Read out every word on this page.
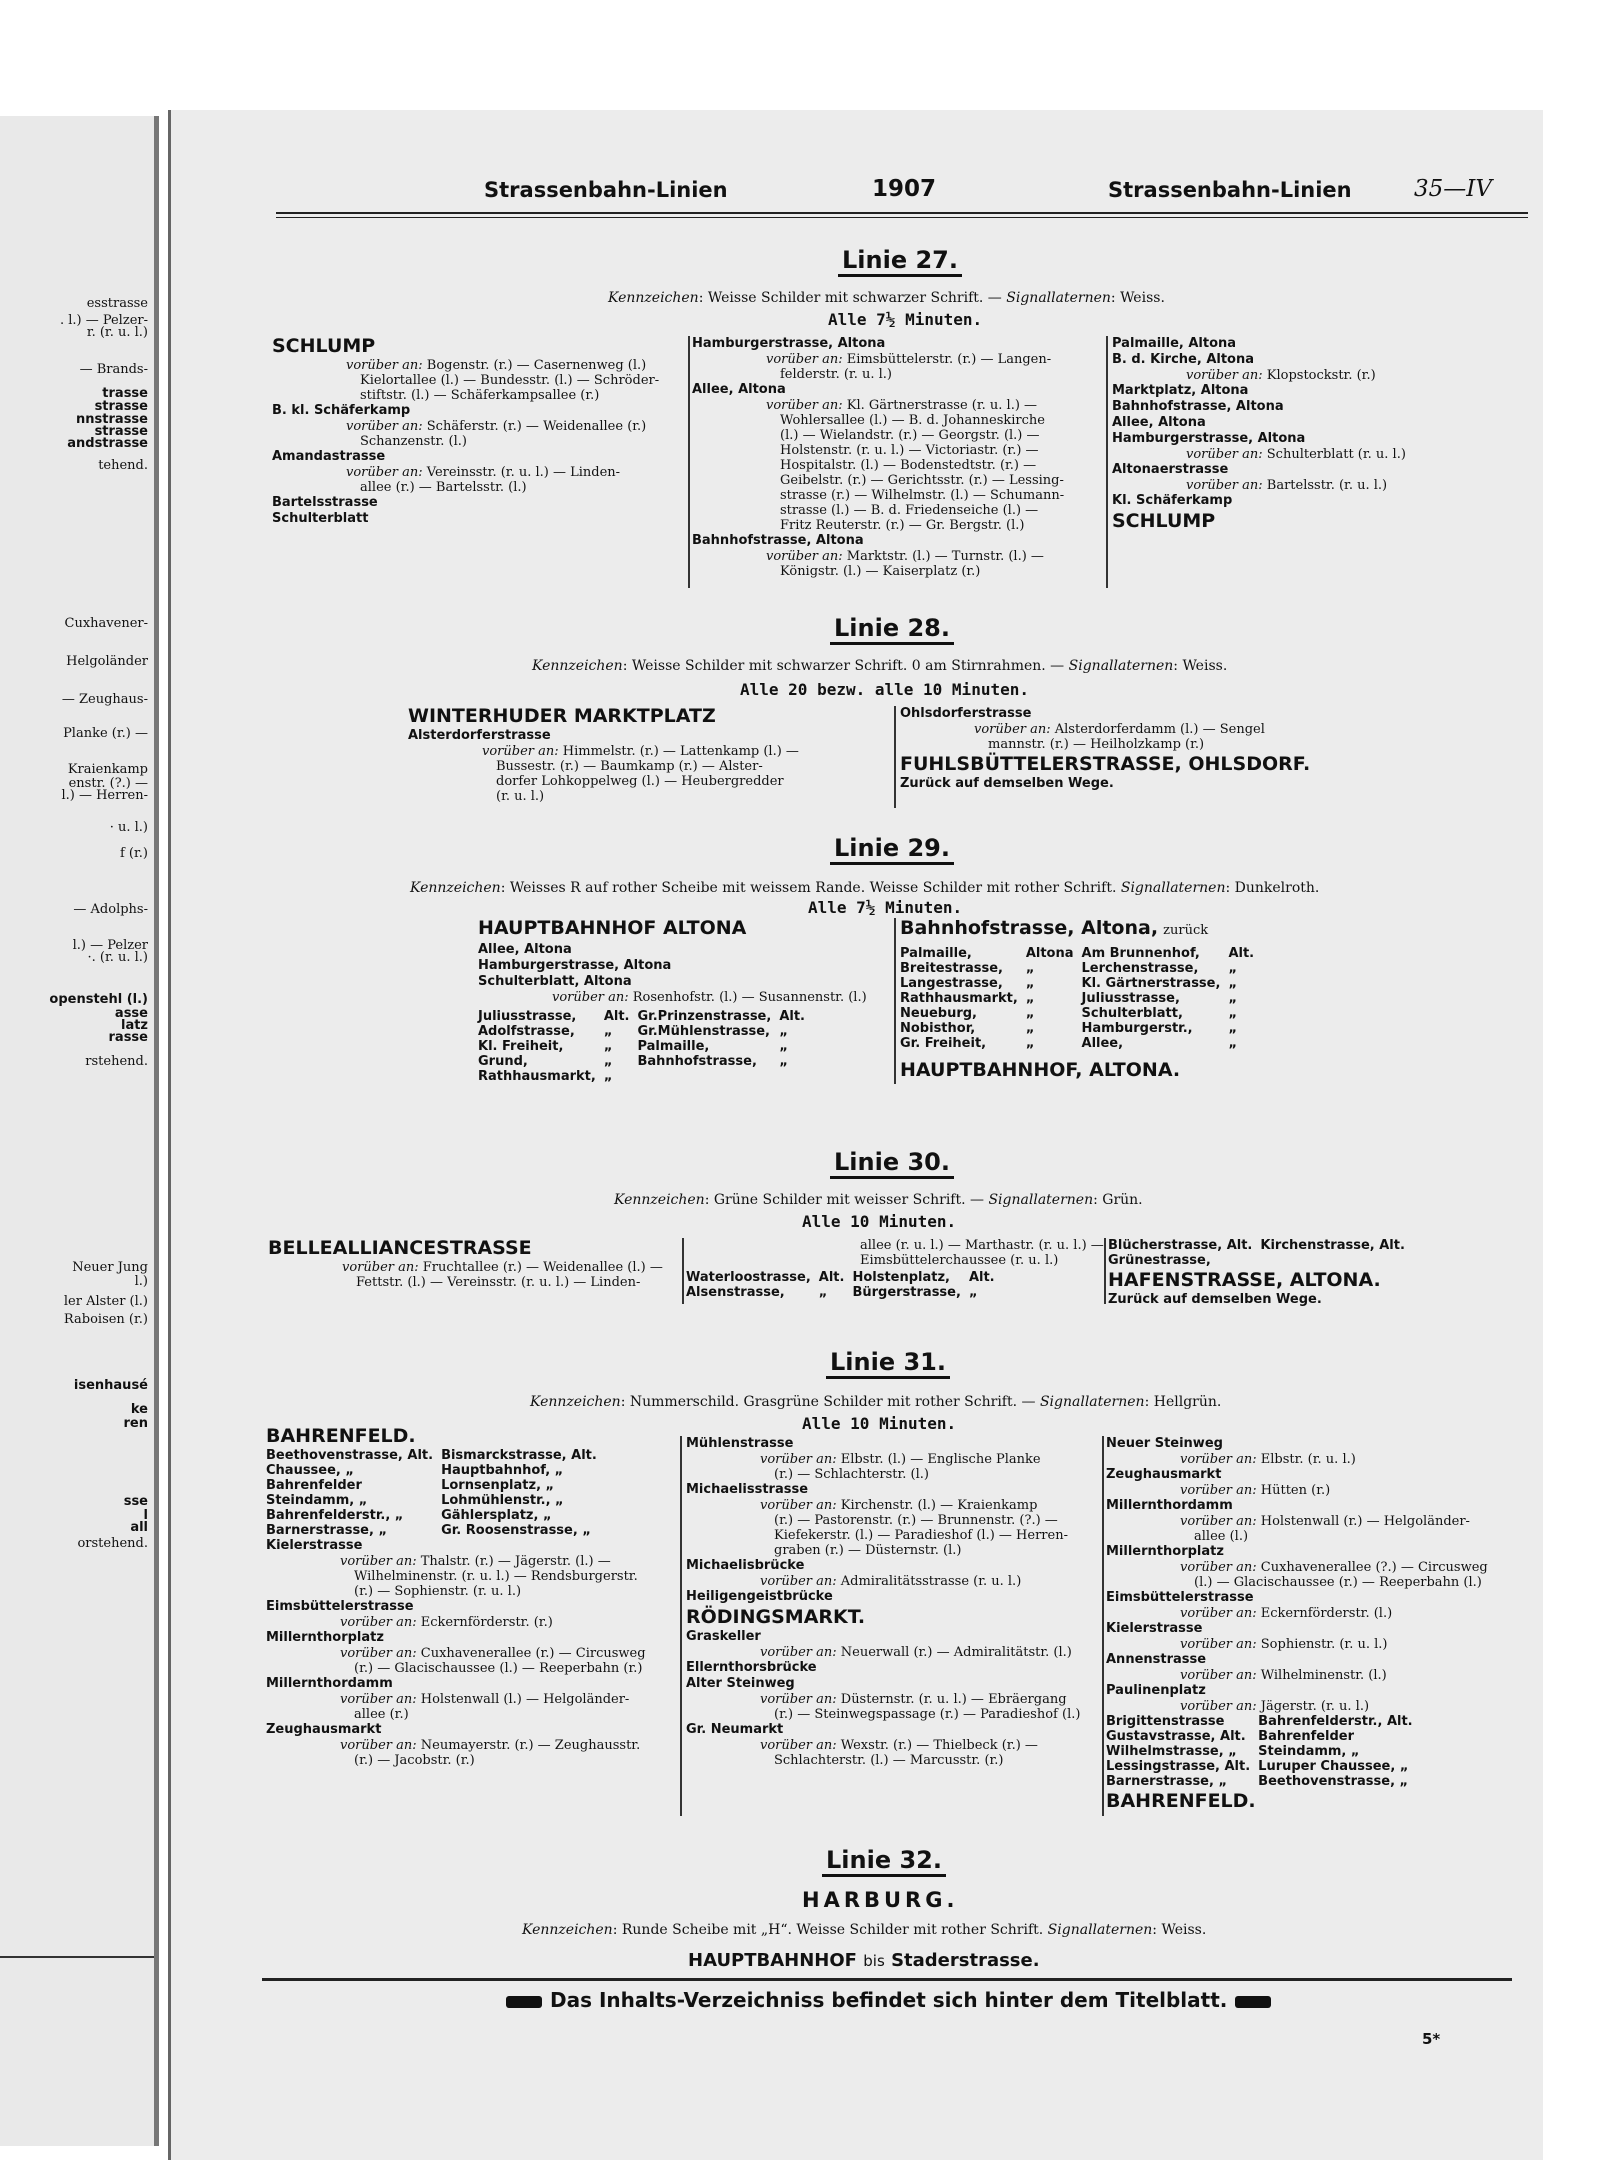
esstrasse
. l.) — Pelzer-
r. (r. u. l.)
— Brands-
trasse
strasse
nnstrasse
strasse
andstrasse
tehend.
Cuxhavener-
Helgoländer
— Zeughaus-
Planke (r.) —
Kraienkamp
enstr. (?.) —
l.) — Herren-
· u. l.)
f (r.)
— Adolphs-
l.) — Pelzer
·. (r. u. l.)
openstehl (l.)
asse
latz
rasse
rstehend.
Neuer Jung
l.)
ler Alster (l.)
Raboisen (r.)
isenhausé
ke
ren
sse
l
all
orstehend.
Strassenbahn-Linien	1907	Strassenbahn-Linien	35—IV
Linie 27.
Kennzeichen: Weisse Schilder mit schwarzer Schrift. — Signallaternen: Weiss.
Alle 7½ Minuten.
SCHLUMP
vorüber an: Bogenstr. (r.) — Casernenweg (l.)
Kielortallee (l.) — Bundesstr. (l.) — Schröder-
stiftstr. (l.) — Schäferkampsallee (r.)
B. kl. Schäferkamp
vorüber an: Schäferstr. (r.) — Weidenallee (r.)
Schanzenstr. (l.)
Amandastrasse
vorüber an: Vereinsstr. (r. u. l.) — Linden-
allee (r.) — Bartelsstr. (l.)
Bartelsstrasse
Schulterblatt
Hamburgerstrasse, Altona
vorüber an: Eimsbüttelerstr. (r.) — Langen-
felderstr. (r. u. l.)
Allee, Altona
vorüber an: Kl. Gärtnerstrasse (r. u. l.) —
Wohlersallee (l.) — B. d. Johanneskirche
(l.) — Wielandstr. (r.) — Georgstr. (l.) —
Holstenstr. (r. u. l.) — Victoriastr. (r.) —
Hospitalstr. (l.) — Bodenstedtstr. (r.) —
Geibelstr. (r.) — Gerichtsstr. (r.) — Lessing-
strasse (r.) — Wilhelmstr. (l.) — Schumann-
strasse (l.) — B. d. Friedenseiche (l.) —
Fritz Reuterstr. (r.) — Gr. Bergstr. (l.)
Bahnhofstrasse, Altona
vorüber an: Marktstr. (l.) — Turnstr. (l.) —
Königstr. (l.) — Kaiserplatz (r.)
Palmaille, Altona
B. d. Kirche, Altona
vorüber an: Klopstockstr. (r.)
Marktplatz, Altona
Bahnhofstrasse, Altona
Allee, Altona
Hamburgerstrasse, Altona
vorüber an: Schulterblatt (r. u. l.)
Altonaerstrasse
vorüber an: Bartelsstr. (r. u. l.)
Kl. Schäferkamp
SCHLUMP
Linie 28.
Kennzeichen: Weisse Schilder mit schwarzer Schrift. 0 am Stirnrahmen. — Signallaternen: Weiss.
Alle 20 bezw. alle 10 Minuten.
WINTERHUDER MARKTPLATZ
Alsterdorferstrasse
vorüber an: Himmelstr. (r.) — Lattenkamp (l.) —
Bussestr. (r.) — Baumkamp (r.) — Alster-
dorfer Lohkoppelweg (l.) — Heubergredder
(r. u. l.)
Ohlsdorferstrasse
vorüber an: Alsterdorferdamm (l.) — Sengel
mannstr. (r.) — Heilholzkamp (r.)
FUHLSBÜTTELERSTRASSE, OHLSDORF.
Zurück auf demselben Wege.
Linie 29.
Kennzeichen: Weisses R auf rother Scheibe mit weissem Rande. Weisse Schilder mit rother Schrift. Signallaternen: Dunkelroth.
Alle 7½ Minuten.
HAUPTBAHNHOF ALTONA
Allee, Altona
Hamburgerstrasse, Altona
Schulterblatt, Altona
vorüber an: Rosenhofstr. (l.) — Susannenstr. (l.)
Juliusstrasse,	Alt.	Gr.Prinzenstrasse,	Alt.
Adolfstrasse,	„	Gr.Mühlenstrasse,	„
Kl. Freiheit,	„	Palmaille,	„
Grund,	„	Bahnhofstrasse,	„
Rathhausmarkt,	„		
Bahnhofstrasse, Altona, zurück
Palmaille,	Altona	Am Brunnenhof,	Alt.
Breitestrasse,	„	Lerchenstrasse,	„
Langestrasse,	„	Kl. Gärtnerstrasse,	„
Rathhausmarkt,	„	Juliusstrasse,	„
Neueburg,	„	Schulterblatt,	„
Nobisthor,	„	Hamburgerstr.,	„
Gr. Freiheit,	„	Allee,	„
HAUPTBAHNHOF, ALTONA.
Linie 30.
Kennzeichen: Grüne Schilder mit weisser Schrift. — Signallaternen: Grün.
Alle 10 Minuten.
BELLEALLIANCESTRASSE
vorüber an: Fruchtallee (r.) — Weidenallee (l.) —
Fettstr. (l.) — Vereinsstr. (r. u. l.) — Linden-
allee (r. u. l.) — Marthastr. (r. u. l.) —
Eimsbüttelerchaussee (r. u. l.)
Waterloostrasse,	Alt.	Holstenplatz,	Alt.
Alsenstrasse,	„	Bürgerstrasse,	„
Blücherstrasse, Alt.	Kirchenstrasse, Alt.
Grünestrasse,	
HAFENSTRASSE, ALTONA.
Zurück auf demselben Wege.
Linie 31.
Kennzeichen: Nummerschild. Grasgrüne Schilder mit rother Schrift. — Signallaternen: Hellgrün.
Alle 10 Minuten.
BAHRENFELD.
Beethovenstrasse, Alt.	Bismarckstrasse, Alt.
Chaussee, „	Hauptbahnhof, „
Bahrenfelder	Lornsenplatz, „
Steindamm, „	Lohmühlenstr., „
Bahrenfelderstr., „	Gählersplatz, „
Barnerstrasse, „	Gr. Roosenstrasse, „
Kielerstrasse
vorüber an: Thalstr. (r.) — Jägerstr. (l.) —
Wilhelminenstr. (r. u. l.) — Rendsburgerstr.
(r.) — Sophienstr. (r. u. l.)
Eimsbüttelerstrasse
vorüber an: Eckernförderstr. (r.)
Millernthorplatz
vorüber an: Cuxhavenerallee (r.) — Circusweg
(r.) — Glacischaussee (l.) — Reeperbahn (r.)
Millernthordamm
vorüber an: Holstenwall (l.) — Helgoländer-
allee (r.)
Zeughausmarkt
vorüber an: Neumayerstr. (r.) — Zeughausstr.
(r.) — Jacobstr. (r.)
Mühlenstrasse
vorüber an: Elbstr. (l.) — Englische Planke
(r.) — Schlachterstr. (l.)
Michaelisstrasse
vorüber an: Kirchenstr. (l.) — Kraienkamp
(r.) — Pastorenstr. (r.) — Brunnenstr. (?.) —
Kiefekerstr. (l.) — Paradieshof (l.) — Herren-
graben (r.) — Düsternstr. (l.)
Michaelisbrücke
vorüber an: Admiralitätsstrasse (r. u. l.)
Heiligengeistbrücke
RÖDINGSMARKT.
Graskeller
vorüber an: Neuerwall (r.) — Admiralitätstr. (l.)
Ellernthorsbrücke
Alter Steinweg
vorüber an: Düsternstr. (r. u. l.) — Ebräergang
(r.) — Steinwegspassage (r.) — Paradieshof (l.)
Gr. Neumarkt
vorüber an: Wexstr. (r.) — Thielbeck (r.) —
Schlachterstr. (l.) — Marcusstr. (r.)
Neuer Steinweg
vorüber an: Elbstr. (r. u. l.)
Zeughausmarkt
vorüber an: Hütten (r.)
Millernthordamm
vorüber an: Holstenwall (r.) — Helgoländer-
allee (l.)
Millernthorplatz
vorüber an: Cuxhavenerallee (?.) — Circusweg
(l.) — Glacischaussee (r.) — Reeperbahn (l.)
Eimsbüttelerstrasse
vorüber an: Eckernförderstr. (l.)
Kielerstrasse
vorüber an: Sophienstr. (r. u. l.)
Annenstrasse
vorüber an: Wilhelminenstr. (l.)
Paulinenplatz
vorüber an: Jägerstr. (r. u. l.)
Brigittenstrasse	Bahrenfelderstr., Alt.
Gustavstrasse, Alt.	Bahrenfelder
Wilhelmstrasse, „	Steindamm, „
Lessingstrasse, Alt.	Luruper Chaussee, „
Barnerstrasse, „	Beethovenstrasse, „
BAHRENFELD.
Linie 32.
HARBURG.
Kennzeichen: Runde Scheibe mit „H“. Weisse Schilder mit rother Schrift. Signallaternen: Weiss.
HAUPTBAHNHOF bis Staderstrasse.
Das Inhalts-Verzeichniss befindet sich hinter dem Titelblatt.
5*
